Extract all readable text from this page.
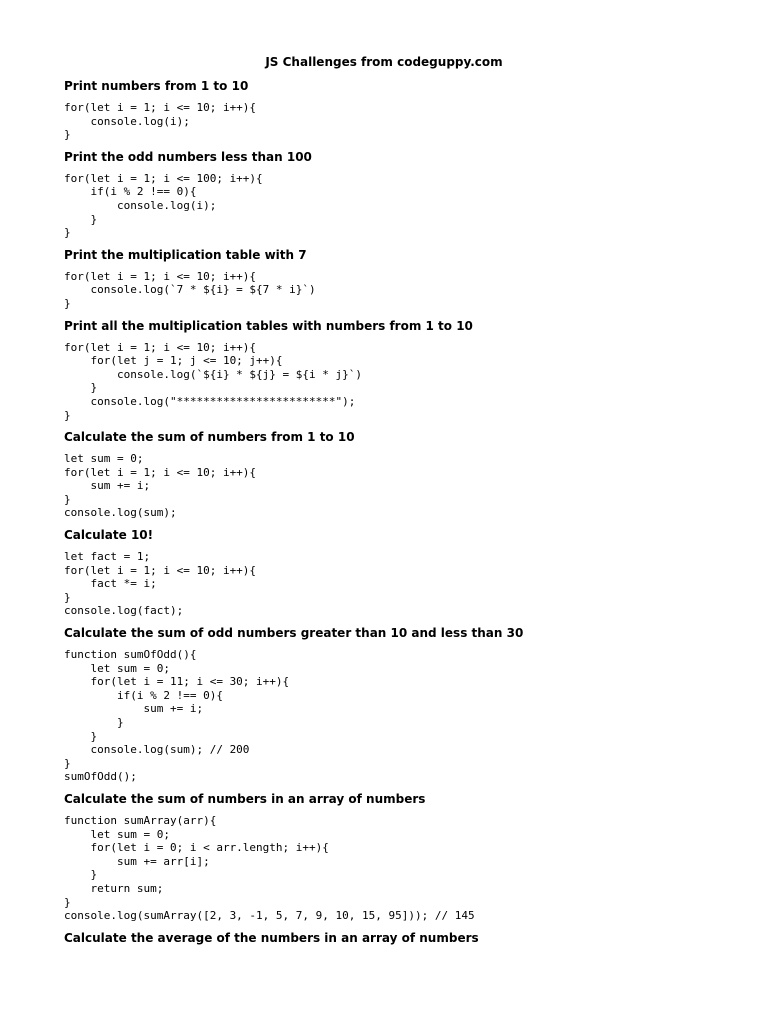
JS Challenges from codeguppy.com
Print numbers from 1 to 10
for(let i = 1; i <= 10; i++){
console.log(i);
}
Print the odd numbers less than 100
for(let i = 1; i <= 100; i++){
if(i % 2 !== 0){
console.log(i);
}
}
Print the multiplication table with 7
for(let i = 1; i <= 10; i++){
console.log(`7 * ${i} = ${7 * i}`)
}
Print all the multiplication tables with numbers from 1 to 10
for(let i = 1; i <= 10; i++){
for(let j = 1; j <= 10; j++){
console.log(`${i} * ${j} = ${i * j}`)
}
console.log("************************");
}
Calculate the sum of numbers from 1 to 10
let sum = 0;
for(let i = 1; i <= 10; i++){
sum += i;
}
console.log(sum);
Calculate 10!
let fact = 1;
for(let i = 1; i <= 10; i++){
fact *= i;
}
console.log(fact);
Calculate the sum of odd numbers greater than 10 and less than 30
function sumOfOdd(){
let sum = 0;
for(let i = 11; i <= 30; i++){
if(i % 2 !== 0){
sum += i;
}
}
console.log(sum); // 200
}
sumOfOdd();
Calculate the sum of numbers in an array of numbers
function sumArray(arr){
let sum = 0;
for(let i = 0; i < arr.length; i++){
sum += arr[i];
}
return sum;
}
console.log(sumArray([2, 3, -1, 5, 7, 9, 10, 15, 95])); // 145
Calculate the average of the numbers in an array of numbers
